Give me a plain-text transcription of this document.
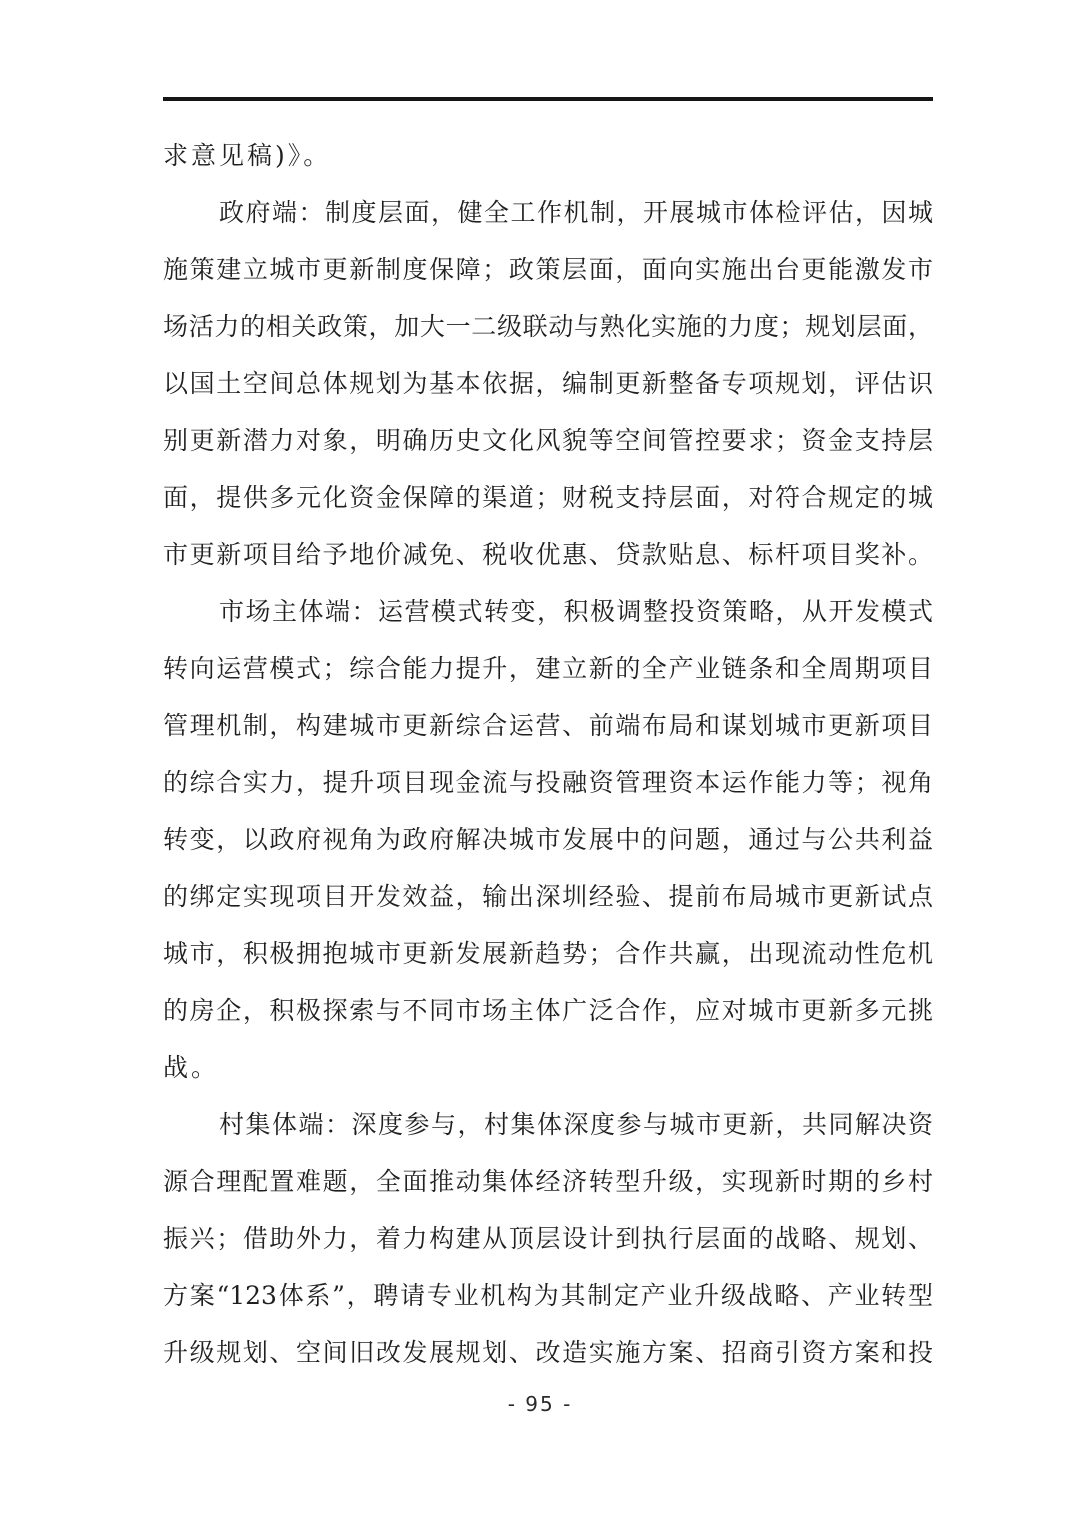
求意见稿)》。
政府端：制度层面，健全工作机制，开展城市体检评估，因城
施策建立城市更新制度保障；政策层面，面向实施出台更能激发市
场活力的相关政策，加大一二级联动与熟化实施的力度；规划层面，
以国土空间总体规划为基本依据，编制更新整备专项规划，评估识
别更新潜力对象，明确历史文化风貌等空间管控要求；资金支持层
面，提供多元化资金保障的渠道；财税支持层面，对符合规定的城
市更新项目给予地价减免、税收优惠、贷款贴息、标杆项目奖补。
市场主体端：运营模式转变，积极调整投资策略，从开发模式
转向运营模式；综合能力提升，建立新的全产业链条和全周期项目
管理机制，构建城市更新综合运营、前端布局和谋划城市更新项目
的综合实力，提升项目现金流与投融资管理资本运作能力等；视角
转变，以政府视角为政府解决城市发展中的问题，通过与公共利益
的绑定实现项目开发效益，输出深圳经验、提前布局城市更新试点
城市，积极拥抱城市更新发展新趋势；合作共赢，出现流动性危机
的房企，积极探索与不同市场主体广泛合作，应对城市更新多元挑
战。
村集体端：深度参与，村集体深度参与城市更新，共同解决资
源合理配置难题，全面推动集体经济转型升级，实现新时期的乡村
振兴；借助外力，着力构建从顶层设计到执行层面的战略、规划、
方案“123体系”，聘请专业机构为其制定产业升级战略、产业转型
升级规划、空间旧改发展规划、改造实施方案、招商引资方案和投
- 95 -
